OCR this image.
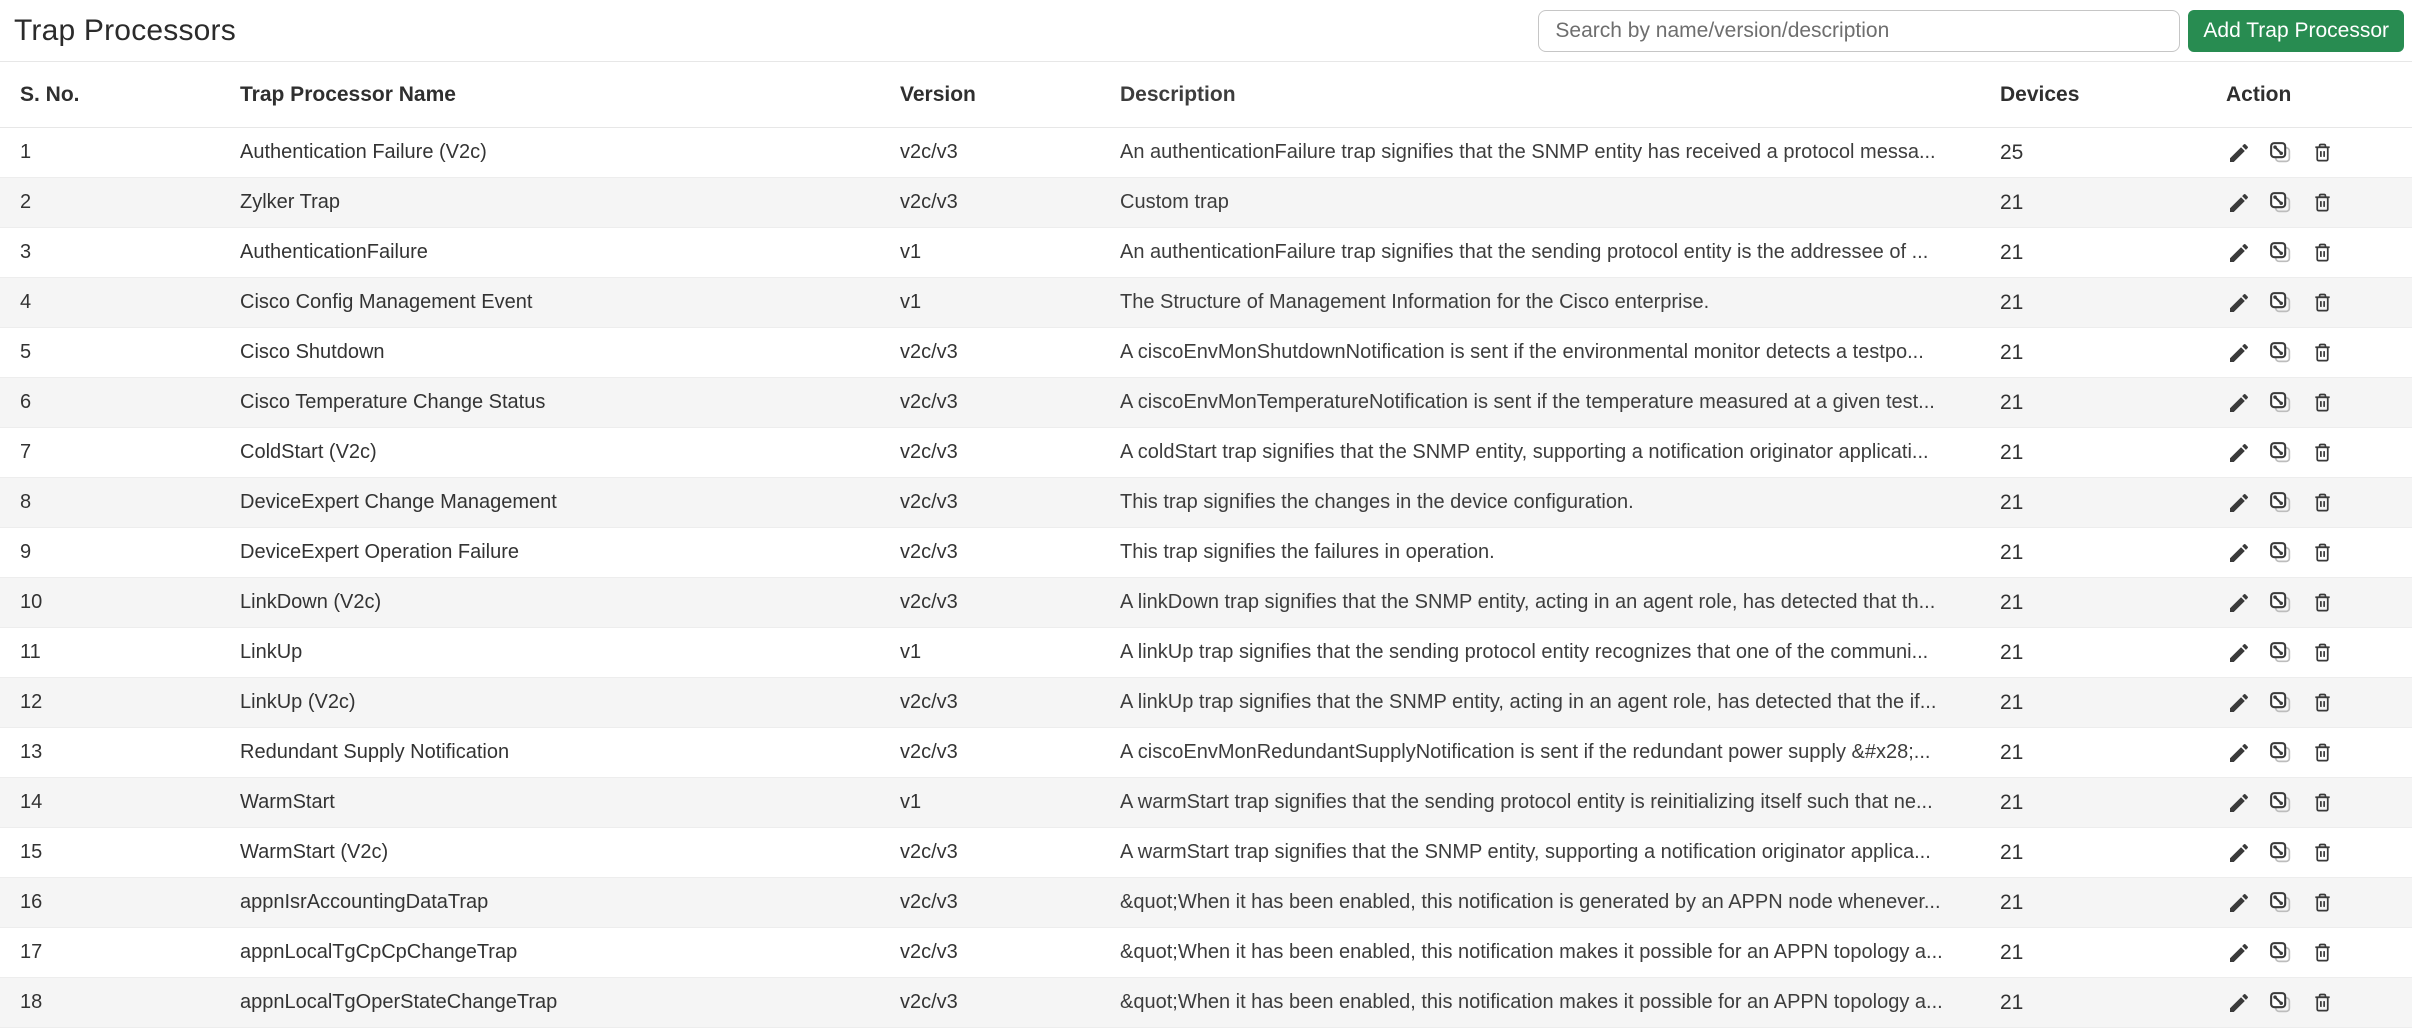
Trap Processors
Search by name/version/description	Add Trap Processor
S. No.	Trap Processor Name	Version	Description	Devices	Action
1	Authentication Failure (V2c)	v2c/v3	An authenticationFailure trap signifies that the SNMP entity has received a protocol messa...	25
2	Zylker Trap	v2c/v3	Custom trap	21
3	AuthenticationFailure	v1	An authenticationFailure trap signifies that the sending protocol entity is the addressee of ...	21
4	Cisco Config Management Event	v1	The Structure of Management Information for the Cisco enterprise.	21
5	Cisco Shutdown	v2c/v3	A ciscoEnvMonShutdownNotification is sent if the environmental monitor detects a testpo...	21
6	Cisco Temperature Change Status	v2c/v3	A ciscoEnvMonTemperatureNotification is sent if the temperature measured at a given test...	21
7	ColdStart (V2c)	v2c/v3	A coldStart trap signifies that the SNMP entity, supporting a notification originator applicati...	21
8	DeviceExpert Change Management	v2c/v3	This trap signifies the changes in the device configuration.	21
9	DeviceExpert Operation Failure	v2c/v3	This trap signifies the failures in operation.	21
10	LinkDown (V2c)	v2c/v3	A linkDown trap signifies that the SNMP entity, acting in an agent role, has detected that th...	21
11	LinkUp	v1	A linkUp trap signifies that the sending protocol entity recognizes that one of the communi...	21
12	LinkUp (V2c)	v2c/v3	A linkUp trap signifies that the SNMP entity, acting in an agent role, has detected that the if...	21
13	Redundant Supply Notification	v2c/v3	A ciscoEnvMonRedundantSupplyNotification is sent if the redundant power supply &#x28;...	21
14	WarmStart	v1	A warmStart trap signifies that the sending protocol entity is reinitializing itself such that ne...	21
15	WarmStart (V2c)	v2c/v3	A warmStart trap signifies that the SNMP entity, supporting a notification originator applica...	21
16	appnIsrAccountingDataTrap	v2c/v3	&quot;When it has been enabled, this notification is generated by an APPN node whenever...	21
17	appnLocalTgCpCpChangeTrap	v2c/v3	&quot;When it has been enabled, this notification makes it possible for an APPN topology a...	21
18	appnLocalTgOperStateChangeTrap	v2c/v3	&quot;When it has been enabled, this notification makes it possible for an APPN topology a...	21
